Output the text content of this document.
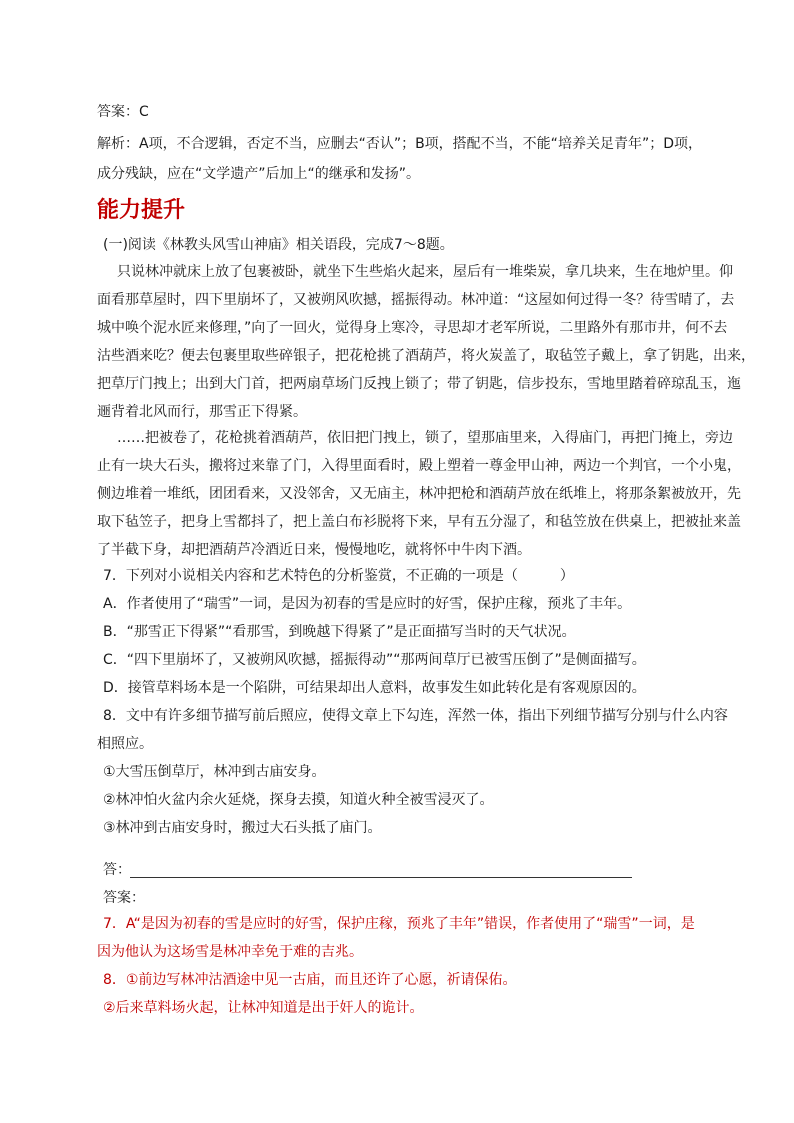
答案：C
解析：A项，不合逻辑，否定不当，应删去“否认”；B项，搭配不当，不能“培养关足青年”；D项，
成分残缺，应在“文学遗产”后加上“的继承和发扬”。
能力提升
(一)阅读《林教头风雪山神庙》相关语段，完成7～8题。
只说林冲就床上放了包裹被卧，就坐下生些焰火起来，屋后有一堆柴炭，拿几块来，生在地炉里。仰
面看那草屋时，四下里崩坏了，又被朔风吹撼，摇振得动。林冲道：“这屋如何过得一冬？待雪晴了，去
城中唤个泥水匠来修理，”向了一回火，觉得身上寒冷，寻思却才老军所说，二里路外有那市井，何不去
沽些酒来吃？便去包裹里取些碎银子，把花枪挑了酒葫芦，将火炭盖了，取毡笠子戴上，拿了钥匙，出来，
把草厅门拽上；出到大门首，把两扇草场门反拽上锁了；带了钥匙，信步投东，雪地里踏着碎琼乱玉，迤
逦背着北风而行，那雪正下得紧。
……把被卷了，花枪挑着酒葫芦，依旧把门拽上，锁了，望那庙里来，入得庙门，再把门掩上，旁边
止有一块大石头，搬将过来靠了门，入得里面看时，殿上塑着一尊金甲山神，两边一个判官，一个小鬼，
侧边堆着一堆纸，团团看来，又没邻舍，又无庙主，林冲把枪和酒葫芦放在纸堆上，将那条絮被放开，先
取下毡笠子，把身上雪都抖了，把上盖白布衫脱将下来，早有五分湿了，和毡笠放在供桌上，把被扯来盖
了半截下身，却把酒葫芦冷酒近日来，慢慢地吃，就将怀中牛肉下酒。
7．下列对小说相关内容和艺术特色的分析鉴赏，不正确的一项是（　　　）
A．作者使用了“瑞雪”一词，是因为初春的雪是应时的好雪，保护庄稼，预兆了丰年。
B．“那雪正下得紧”“看那雪，到晚越下得紧了”是正面描写当时的天气状况。
C．“四下里崩坏了，又被朔风吹撼，摇振得动”“那两间草厅已被雪压倒了”是侧面描写。
D．接管草料场本是一个陷阱，可结果却出人意料，故事发生如此转化是有客观原因的。
8．文中有许多细节描写前后照应，使得文章上下勾连，浑然一体，指出下列细节描写分别与什么内容
相照应。
①大雪压倒草厅，林冲到古庙安身。
②林冲怕火盆内余火延烧，探身去摸，知道火种全被雪浸灭了。
③林冲到古庙安身时，搬过大石头抵了庙门。
答：
答案：
7．A“是因为初春的雪是应时的好雪，保护庄稼，预兆了丰年”错误，作者使用了“瑞雪”一词，是
因为他认为这场雪是林冲幸免于难的吉兆。
8．①前边写林冲沽酒途中见一古庙，而且还许了心愿，祈请保佑。
②后来草料场火起，让林冲知道是出于奸人的诡计。
